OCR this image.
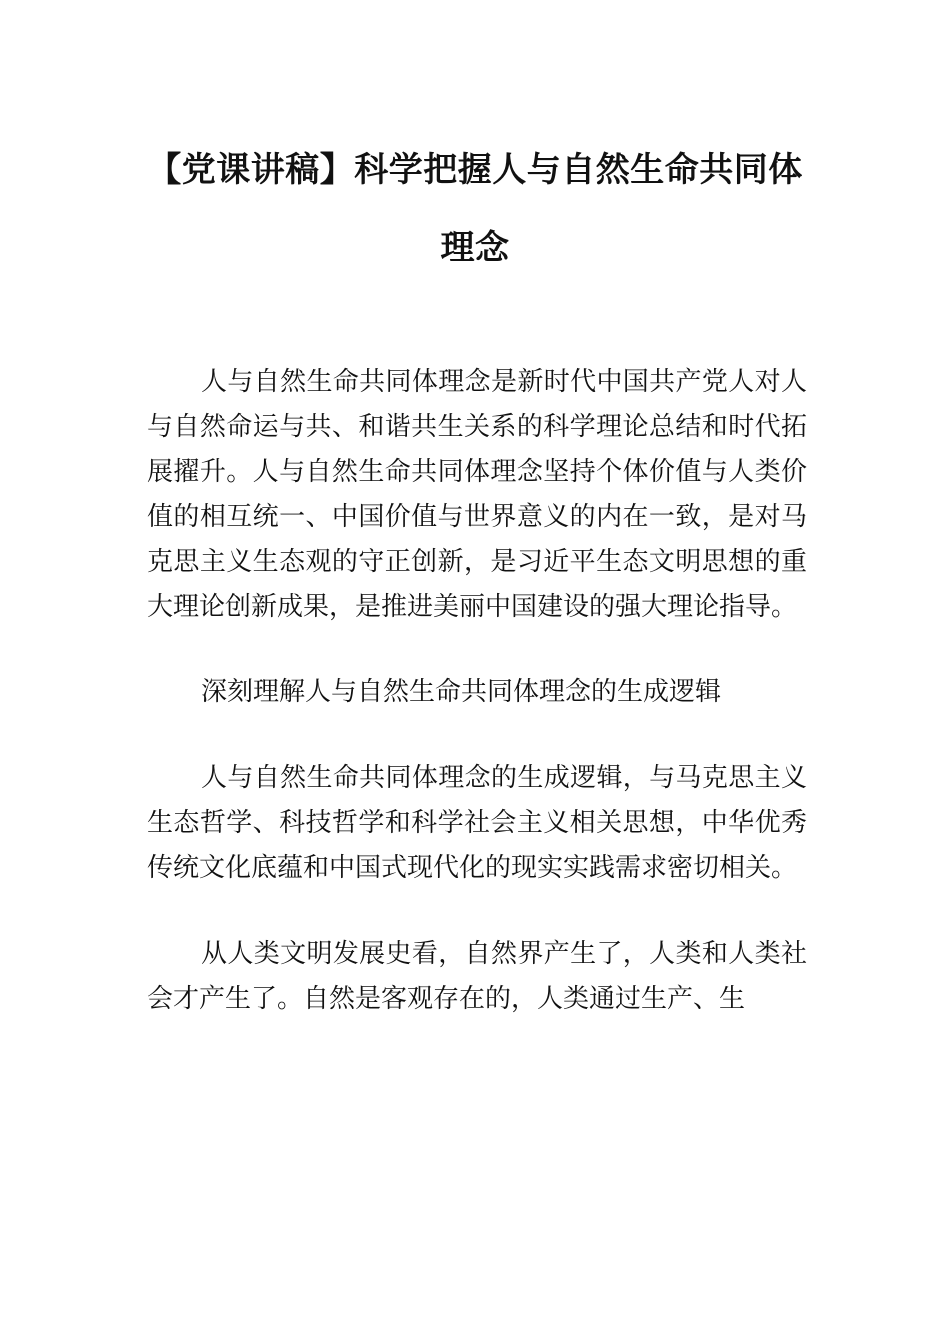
【党课讲稿】科学把握人与自然生命共同体
理念

人与自然生命共同体理念是新时代中国共产党人对人与自然命运与共、和谐共生关系的科学理论总结和时代拓展擢升。人与自然生命共同体理念坚持个体价值与人类价值的相互统一、中国价值与世界意义的内在一致，是对马克思主义生态观的守正创新，是习近平生态文明思想的重大理论创新成果，是推进美丽中国建设的强大理论指导。

深刻理解人与自然生命共同体理念的生成逻辑

人与自然生命共同体理念的生成逻辑，与马克思主义生态哲学、科技哲学和科学社会主义相关思想，中华优秀传统文化底蕴和中国式现代化的现实实践需求密切相关。

从人类文明发展史看，自然界产生了，人类和人类社会才产生了。自然是客观存在的，人类通过生产、生
